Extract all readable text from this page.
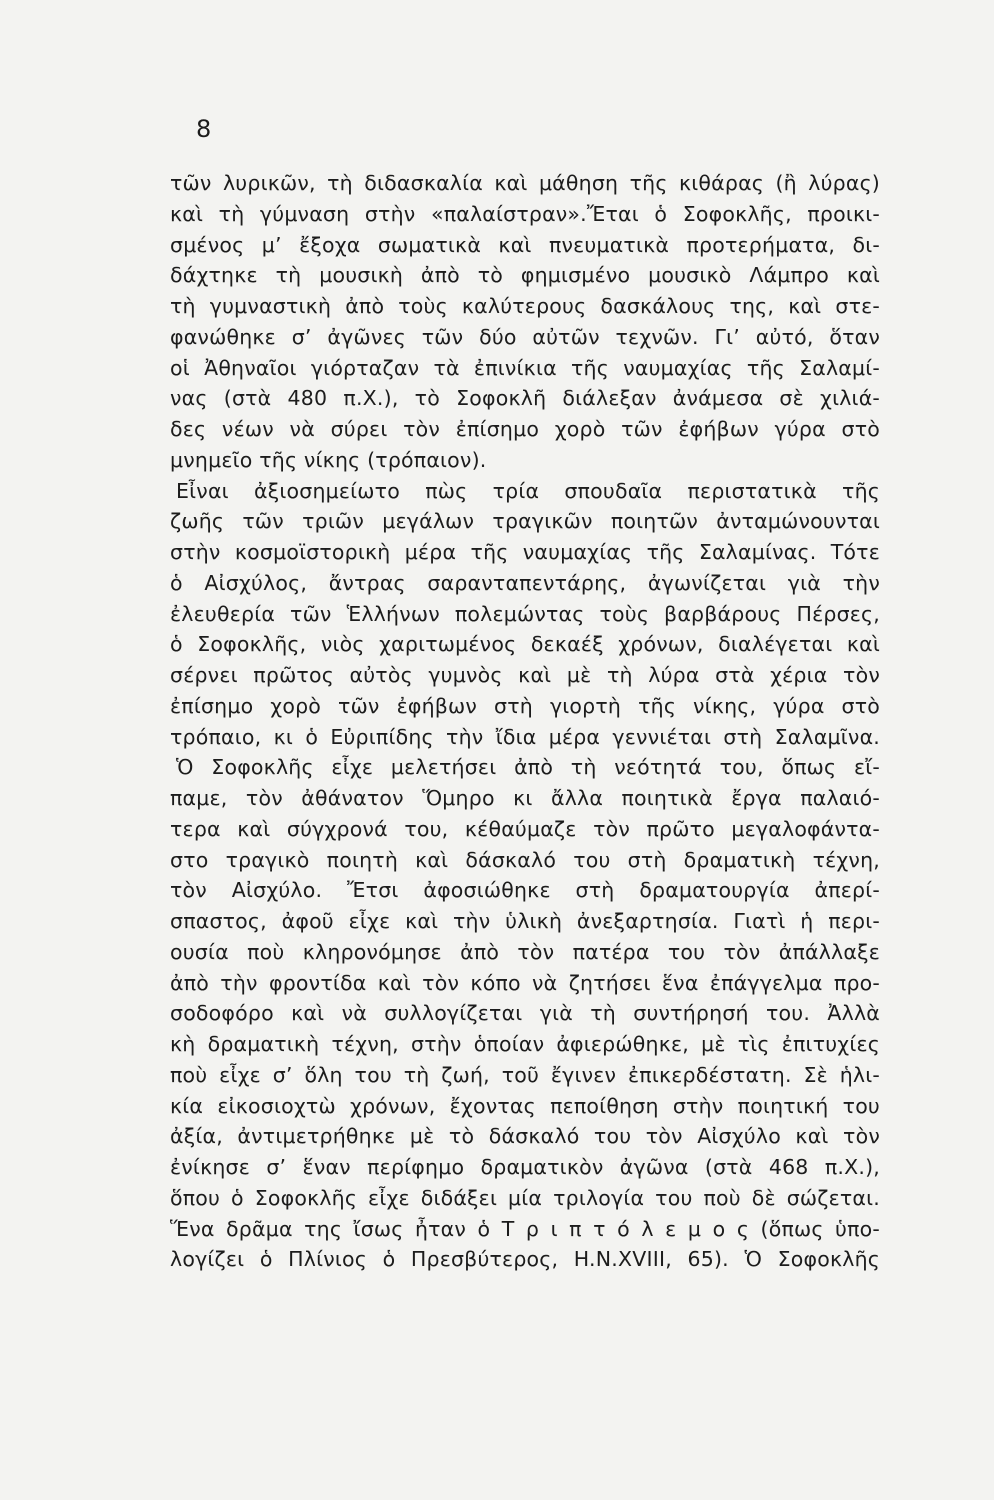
8
τῶν λυρικῶν, τὴ διδασκαλία καὶ μάθηση τῆς κιθάρας (ἢ λύρας)
καὶ τὴ γύμναση στὴν «παλαίστραν».Ἔται ὁ Σοφοκλῆς, προικι-
σμένος μ’ ἔξοχα σωματικὰ καὶ πνευματικὰ προτερήματα, δι-
δάχτηκε τὴ μουσικὴ ἀπὸ τὸ φημισμένο μουσικὸ Λάμπρο καὶ
τὴ γυμναστικὴ ἀπὸ τοὺς καλύτερους δασκάλους της, καὶ στε-
φανώθηκε σ’ ἀγῶνες τῶν δύο αὐτῶν τεχνῶν. Γι’ αὐτό, ὅταν
οἱ Ἀθηναῖοι γιόρταζαν τὰ ἐπινίκια τῆς ναυμαχίας τῆς Σαλαμί-
νας (στὰ 480 π.Χ.), τὸ Σοφοκλῆ διάλεξαν ἀνάμεσα σὲ χιλιά-
δες νέων νὰ σύρει τὸν ἐπίσημο χορὸ τῶν ἐφήβων γύρα στὸ
μνημεῖο τῆς νίκης (τρόπαιον).
Εἶναι ἀξιοσημείωτο πὼς τρία σπουδαῖα περιστατικὰ τῆς
ζωῆς τῶν τριῶν μεγάλων τραγικῶν ποιητῶν ἀνταμώνουνται
στὴν κοσμοϊστορικὴ μέρα τῆς ναυμαχίας τῆς Σαλαμίνας. Τότε
ὁ Αἰσχύλος, ἄντρας σαρανταπεντάρης, ἀγωνίζεται γιὰ τὴν
ἐλευθερία τῶν Ἑλλήνων πολεμώντας τοὺς βαρβάρους Πέρσες,
ὁ Σοφοκλῆς, νιὸς χαριτωμένος δεκαέξ χρόνων, διαλέγεται καὶ
σέρνει πρῶτος αὐτὸς γυμνὸς καὶ μὲ τὴ λύρα στὰ χέρια τὸν
ἐπίσημο χορὸ τῶν ἐφήβων στὴ γιορτὴ τῆς νίκης, γύρα στὸ
τρόπαιο, κι ὁ Εὐριπίδης τὴν ἴδια μέρα γεννιέται στὴ Σαλαμῖνα.
Ὁ Σοφοκλῆς εἶχε μελετήσει ἀπὸ τὴ νεότητά του, ὅπως εἴ-
παμε, τὸν ἀθάνατον Ὅμηρο κι ἄλλα ποιητικὰ ἔργα παλαιό-
τερα καὶ σύγχρονά του, κέθαύμαζε τὸν πρῶτο μεγαλοφάντα-
στο τραγικὸ ποιητὴ καὶ δάσκαλό του στὴ δραματικὴ τέχνη,
τὸν Αἰσχύλο. Ἔτσι ἀφοσιώθηκε στὴ δραματουργία ἀπερί-
σπαστος, ἀφοῦ εἶχε καὶ τὴν ὑλικὴ ἀνεξαρτησία. Γιατὶ ἡ περι-
ουσία ποὺ κληρονόμησε ἀπὸ τὸν πατέρα του τὸν ἀπάλλαξε
ἀπὸ τὴν φροντίδα καὶ τὸν κόπο νὰ ζητήσει ἕνα ἐπάγγελμα προ-
σοδοφόρο καὶ νὰ συλλογίζεται γιὰ τὴ συντήρησή του. Ἀλλὰ
κὴ δραματικὴ τέχνη, στὴν ὁποίαν ἀφιερώθηκε, μὲ τὶς ἐπιτυχίες
ποὺ εἶχε σ’ ὅλη του τὴ ζωή, τοῦ ἔγινεν ἐπικερδέστατη. Σὲ ἡλι-
κία εἰκοσιοχτὼ χρόνων, ἔχοντας πεποίθηση στὴν ποιητική του
ἀξία, ἀντιμετρήθηκε μὲ τὸ δάσκαλό του τὸν Αἰσχύλο καὶ τὸν
ἐνίκησε σ’ ἕναν περίφημο δραματικὸν ἀγῶνα (στὰ 468 π.Χ.),
ὅπου ὁ Σοφοκλῆς εἶχε διδάξει μία τριλογία του ποὺ δὲ σώζεται.
Ἕνα δρᾶμα της ἴσως ἦταν ὁ Τ ρ ι π τ ό λ ε μ ο ς (ὅπως ὑπο-
λογίζει ὁ Πλίνιος ὁ Πρεσβύτερος, H.N.XVIII, 65). Ὁ Σοφοκλῆς
